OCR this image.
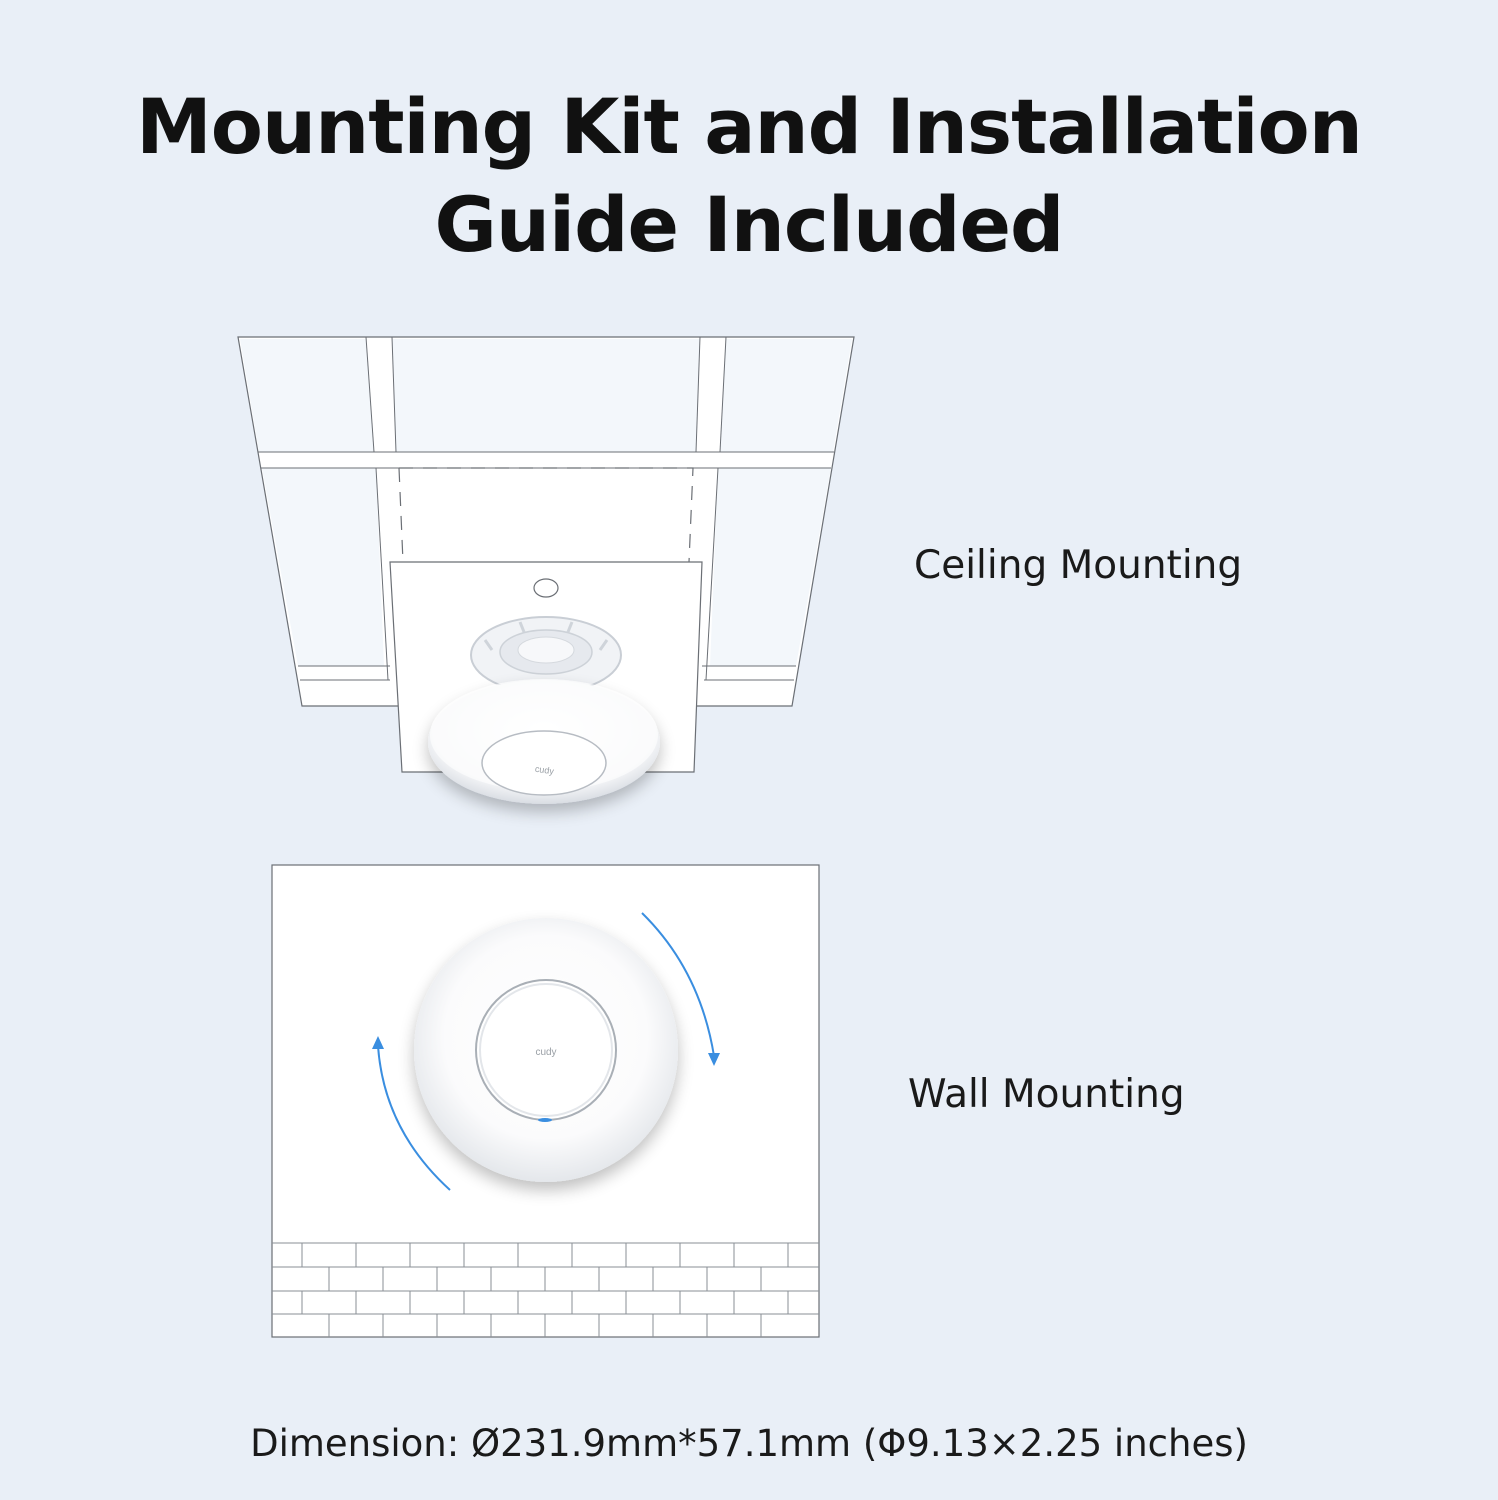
Mounting Kit and Installation
Guide Included
cudy
cudy
Ceiling Mounting
Wall Mounting
Dimension: Ø231.9mm*57.1mm (Φ9.13×2.25 inches)
